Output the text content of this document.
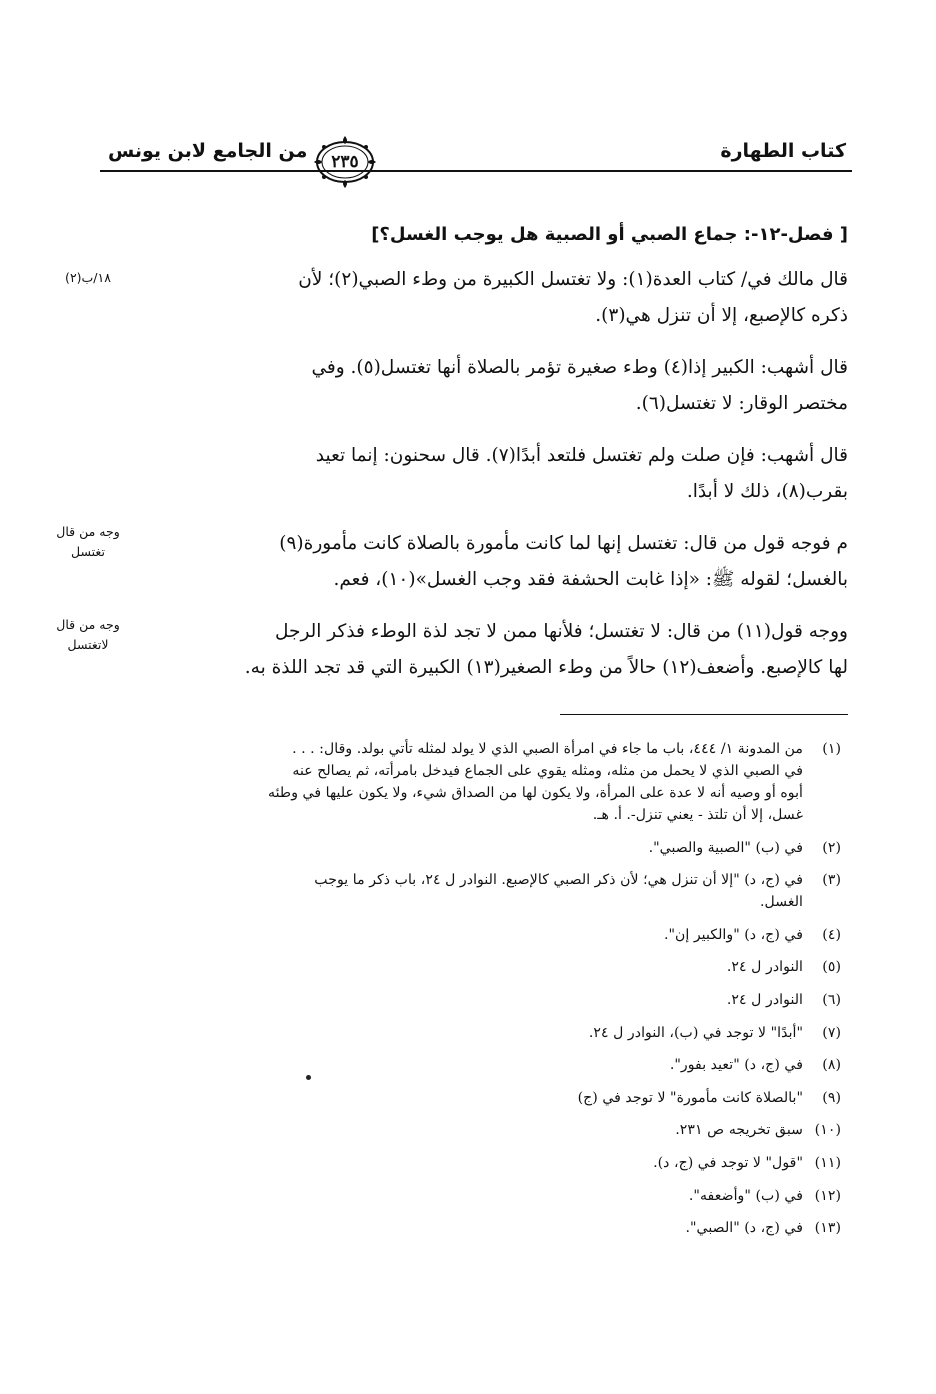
من الجامع لابن يونس	٢٣٥	كتاب الطهارة
[ فصل-١٢-: جماع الصبي أو الصبية هل يوجب الغسل؟]
١٨/ب(٢)
وجه من قال
تغتسل
وجه من قال
لاتغتسل
قال مالك في/ كتاب العدة(١): ولا تغتسل الكبيرة من وطء الصبي(٢)؛ لأن
ذكره كالإصبع، إلا أن تنزل هي(٣).
قال أشهب: الكبير إذا(٤) وطء صغيرة تؤمر بالصلاة أنها تغتسل(٥). وفي
مختصر الوقار: لا تغتسل(٦).
قال أشهب: فإن صلت ولم تغتسل فلتعد أبدًا(٧). قال سحنون: إنما تعيد
بقرب(٨)، ذلك لا أبدًا.
م فوجه قول من قال: تغتسل إنها لما كانت مأمورة بالصلاة كانت مأمورة(٩)
بالغسل؛ لقوله ﷺ: «إذا غابت الحشفة فقد وجب الغسل»(١٠)، فعم.
ووجه قول(١١) من قال: لا تغتسل؛ فلأنها ممن لا تجد لذة الوطء فذكر الرجل
لها كالإصبع. وأضعف(١٢) حالاً من وطء الصغير(١٣) الكبيرة التي قد تجد اللذة به.
(١)
من المدونة ١/ ٤٤٤، باب ما جاء في امرأة الصبي الذي لا يولد لمثله تأتي بولد. وقال: . . .
في الصبي الذي لا يحمل من مثله، ومثله يقوي على الجماع فيدخل بامرأته، ثم يصالح عنه
أبوه أو وصيه أنه لا عدة على المرأة، ولا يكون لها من الصداق شيء، ولا يكون عليها في وطئه
غسل، إلا أن تلتذ - يعني تنزل-. أ. هـ.
(٢)
في (ب) "الصبية والصبي".
(٣)
في (ج، د) "إلا أن تنزل هي؛ لأن ذكر الصبي كالإصبع. النوادر ل ٢٤، باب ذكر ما يوجب
الغسل.
(٤)
في (ج، د) "والكبير إن".
(٥)
النوادر ل ٢٤.
(٦)
النوادر ل ٢٤.
(٧)
"أبدًا" لا توجد في (ب)، النوادر ل ٢٤.
(٨)
في (ج، د) "تعيد بفور".
(٩)
"بالصلاة كانت مأمورة" لا توجد في (ج)
(١٠)
سبق تخريجه ص ٢٣١.
(١١)
"قول" لا توجد في (ج، د).
(١٢)
في (ب) "وأضعفه".
(١٣)
في (ج، د) "الصبي".
